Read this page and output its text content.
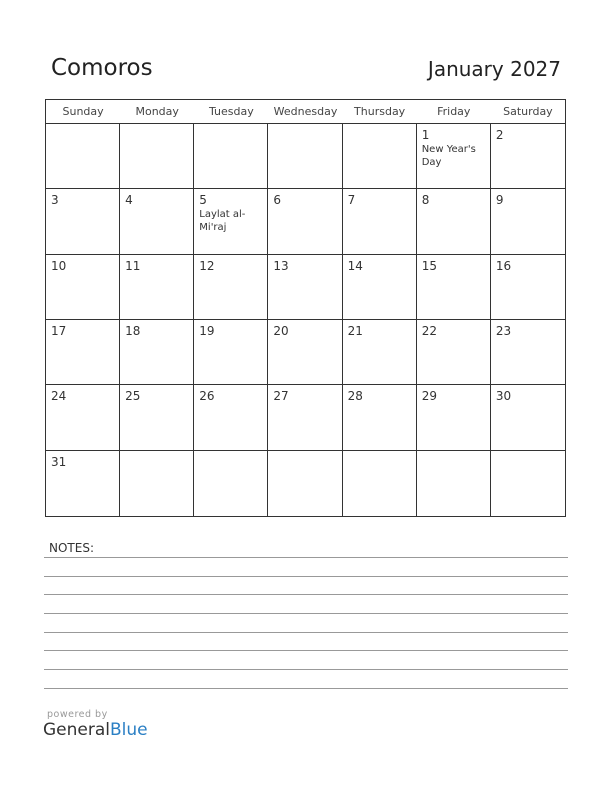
Comoros	January 2027
Sunday	Monday	Tuesday	Wednesday	Thursday	Friday	Saturday
1
New Year's Day
2
3	4	5
Laylat al-Mi'raj
6	7	8	9
10	11	12	13	14	15	16
17	18	19	20	21	22	23
24	25	26	27	28	29	30
31
NOTES:
powered by
GeneralBlue
